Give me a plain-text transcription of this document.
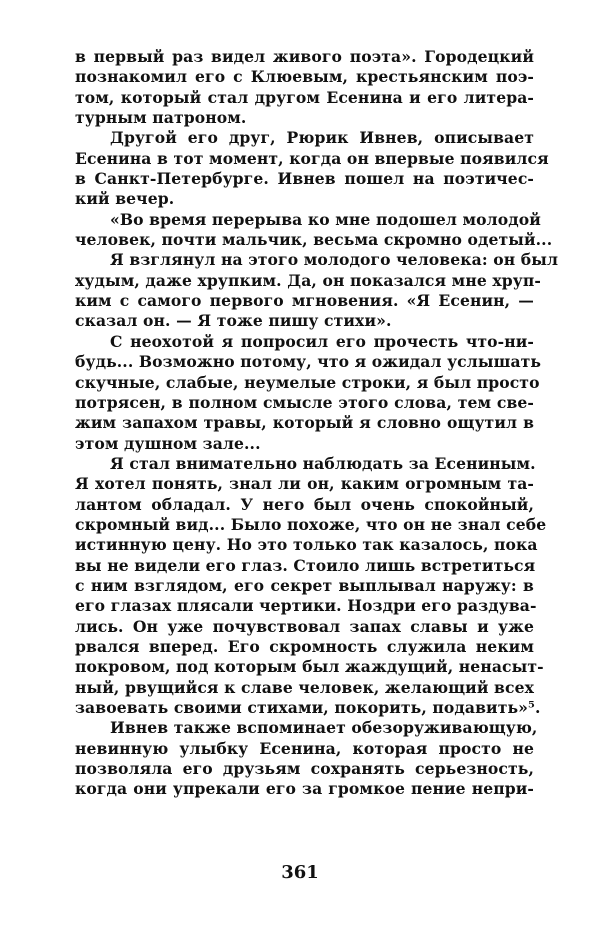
в первый раз видел живого поэта». Городецкий
познакомил его с Клюевым, крестьянским поэ-
том, который стал другом Есенина и его литера-
турным патроном.
Другой его друг, Рюрик Ивнев, описывает
Есенина в тот момент, когда он впервые появился
в Санкт-Петербурге. Ивнев пошел на поэтичес-
кий вечер.
«Во время перерыва ко мне подошел молодой
человек, почти мальчик, весьма скромно одетый...
Я взглянул на этого молодого человека: он был
худым, даже хрупким. Да, он показался мне хруп-
ким с самого первого мгновения. «Я Есенин, —
сказал он. — Я тоже пишу стихи».
С неохотой я попросил его прочесть что-ни-
будь... Возможно потому, что я ожидал услышать
скучные, слабые, неумелые строки, я был просто
потрясен, в полном смысле этого слова, тем све-
жим запахом травы, который я словно ощутил в
этом душном зале...
Я стал внимательно наблюдать за Есениным.
Я хотел понять, знал ли он, каким огромным та-
лантом обладал. У него был очень спокойный,
скромный вид... Было похоже, что он не знал себе
истинную цену. Но это только так казалось, пока
вы не видели его глаз. Стоило лишь встретиться
с ним взглядом, его секрет выплывал наружу: в
его глазах плясали чертики. Ноздри его раздува-
лись. Он уже почувствовал запах славы и уже
рвался вперед. Его скромность служила неким
покровом, под которым был жаждущий, ненасыт-
ный, рвущийся к славе человек, желающий всех
завоевать своими стихами, покорить, подавить»⁵.
Ивнев также вспоминает обезоруживающую,
невинную улыбку Есенина, которая просто не
позволяла его друзьям сохранять серьезность,
когда они упрекали его за громкое пение непри-
361
